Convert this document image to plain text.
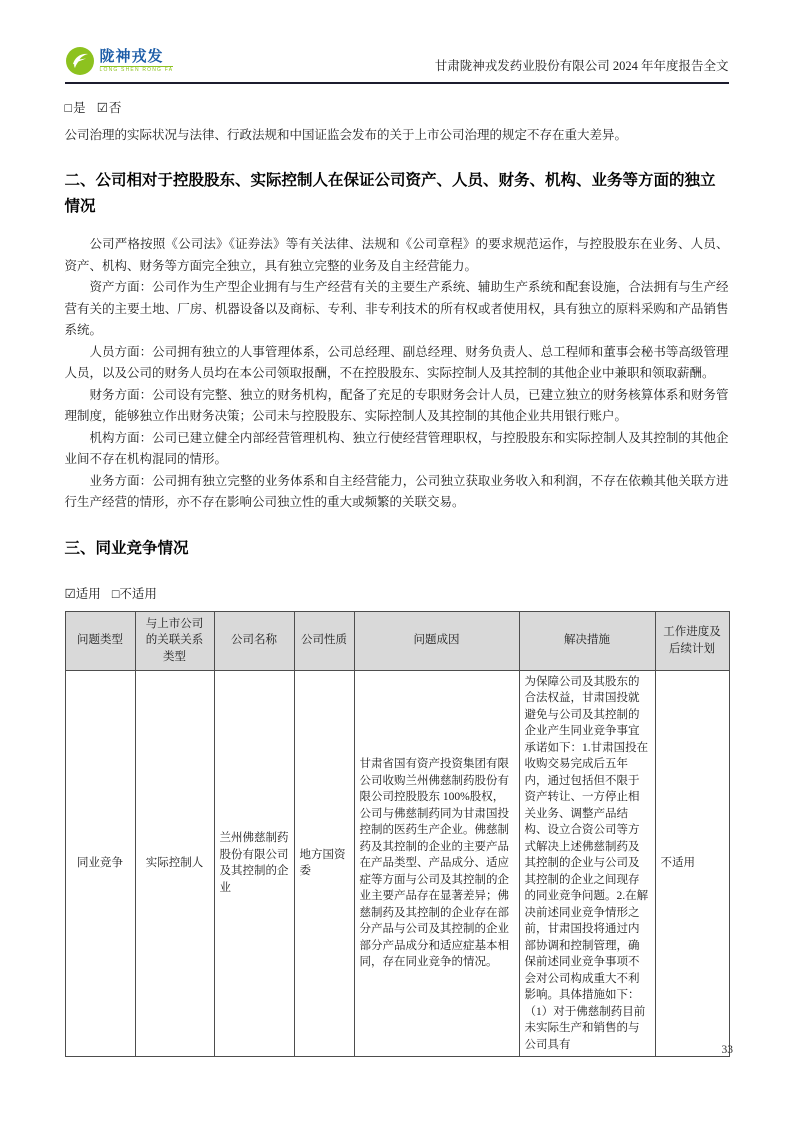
陇神戎发
LONG SHEN RONG FA	甘肃陇神戎发药业股份有限公司 2024 年年度报告全文
□是 ☑否
公司治理的实际状况与法律、行政法规和中国证监会发布的关于上市公司治理的规定不存在重大差异。
二、公司相对于控股股东、实际控制人在保证公司资产、人员、财务、机构、业务等方面的独立情况

公司严格按照《公司法》《证券法》等有关法律、法规和《公司章程》的要求规范运作，与控股股东在业务、人员、资产、机构、财务等方面完全独立，具有独立完整的业务及自主经营能力。

资产方面：公司作为生产型企业拥有与生产经营有关的主要生产系统、辅助生产系统和配套设施，合法拥有与生产经营有关的主要土地、厂房、机器设备以及商标、专利、非专利技术的所有权或者使用权，具有独立的原料采购和产品销售系统。

人员方面：公司拥有独立的人事管理体系，公司总经理、副总经理、财务负责人、总工程师和董事会秘书等高级管理人员，以及公司的财务人员均在本公司领取报酬，不在控股股东、实际控制人及其控制的其他企业中兼职和领取薪酬。

财务方面：公司设有完整、独立的财务机构，配备了充足的专职财务会计人员，已建立独立的财务核算体系和财务管理制度，能够独立作出财务决策；公司未与控股股东、实际控制人及其控制的其他企业共用银行账户。

机构方面：公司已建立健全内部经营管理机构、独立行使经营管理职权，与控股股东和实际控制人及其控制的其他企业间不存在机构混同的情形。

业务方面：公司拥有独立完整的业务体系和自主经营能力，公司独立获取业务收入和利润，不存在依赖其他关联方进行生产经营的情形，亦不存在影响公司独立性的重大或频繁的关联交易。

三、同业竞争情况
☑适用 □不适用
问题类型	与上市公司的关联关系类型	公司名称	公司性质	问题成因	解决措施	工作进度及后续计划
同业竞争	实际控制人	兰州佛慈制药股份有限公司及其控制的企业	地方国资委	甘肃省国有资产投资集团有限公司收购兰州佛慈制药股份有限公司控股股东 100%股权，公司与佛慈制药同为甘肃国投控制的医药生产企业。佛慈制药及其控制的企业的主要产品在产品类型、产品成分、适应症等方面与公司及其控制的企业主要产品存在显著差异；佛慈制药及其控制的企业存在部分产品与公司及其控制的企业部分产品成分和适应症基本相同，存在同业竞争的情况。	为保障公司及其股东的合法权益，甘肃国投就避免与公司及其控制的企业产生同业竞争事宜承诺如下：1.甘肃国投在收购交易完成后五年内，通过包括但不限于资产转让、一方停止相关业务、调整产品结构、设立合资公司等方式解决上述佛慈制药及其控制的企业与公司及其控制的企业之间现存的同业竞争问题。2.在解决前述同业竞争情形之前，甘肃国投将通过内部协调和控制管理，确保前述同业竞争事项不会对公司构成重大不利影响。具体措施如下：（1）对于佛慈制药目前未实际生产和销售的与公司具有	不适用
33
